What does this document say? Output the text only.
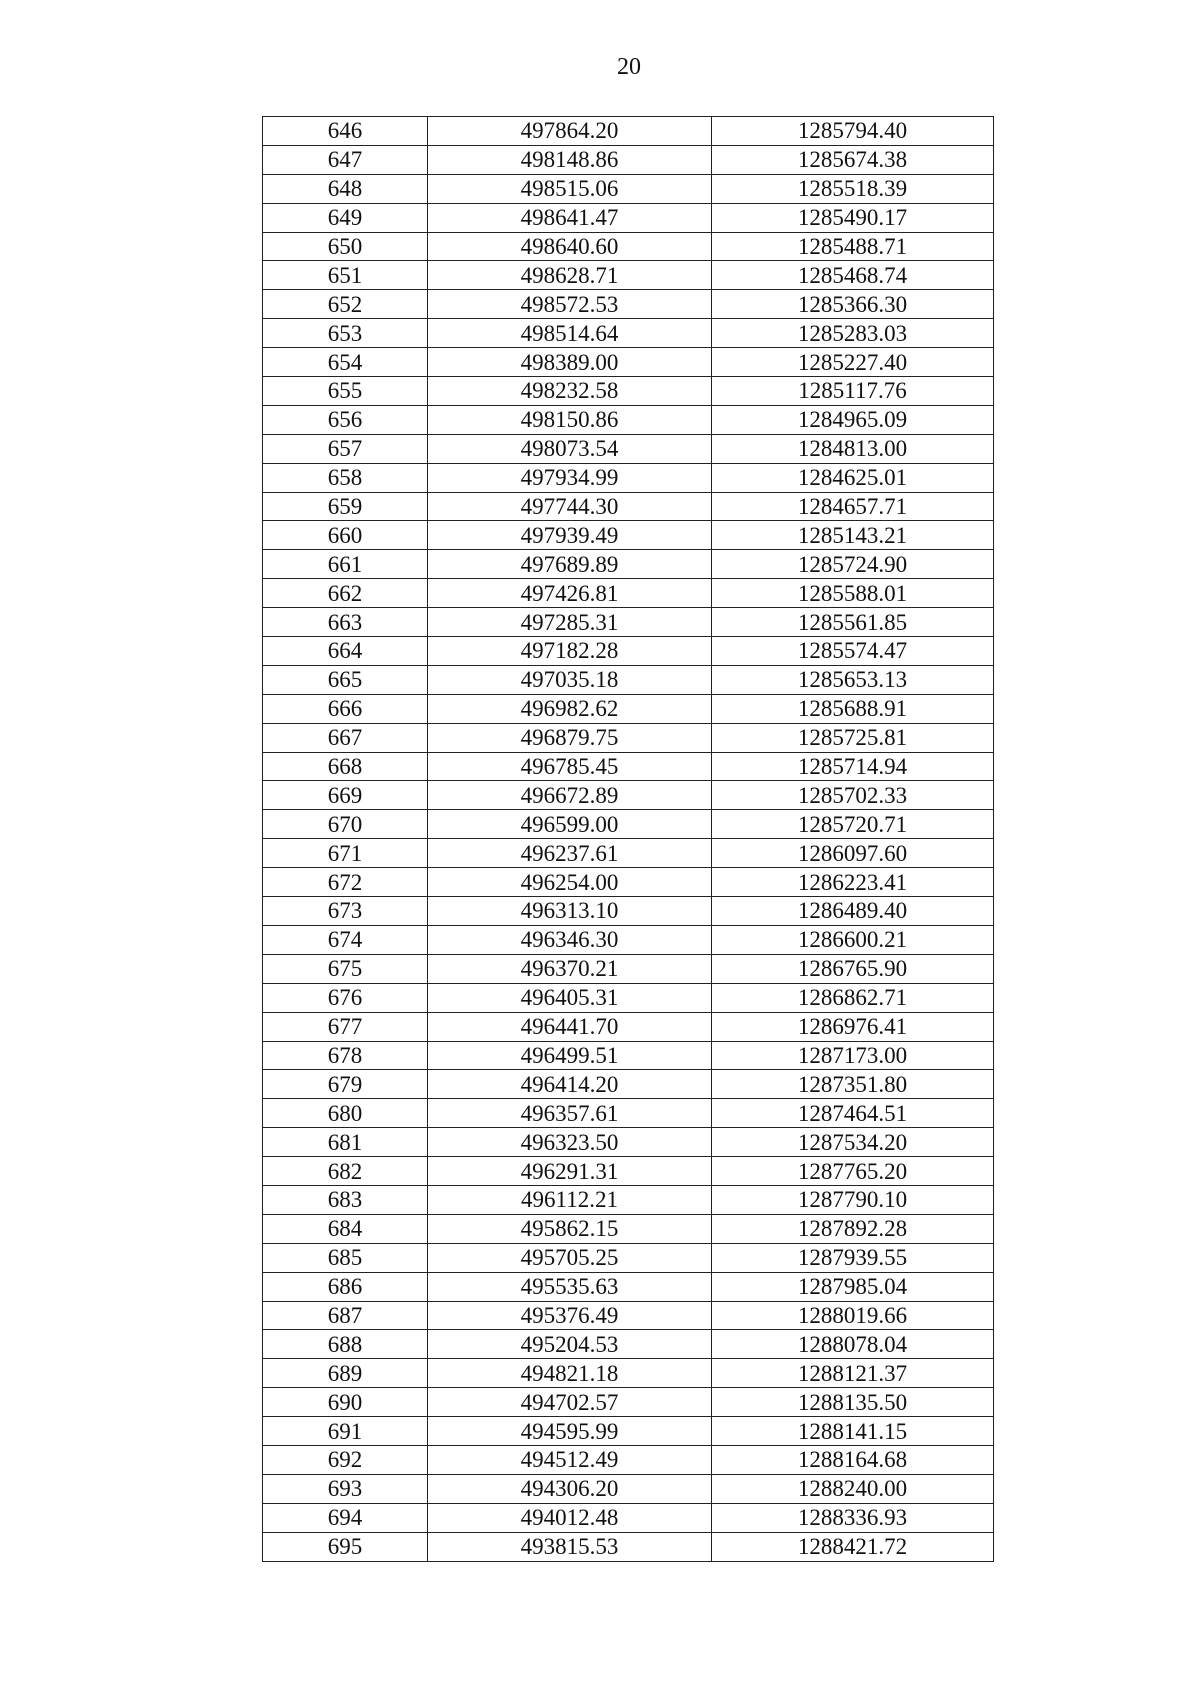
20
646	497864.20	1285794.40
647	498148.86	1285674.38
648	498515.06	1285518.39
649	498641.47	1285490.17
650	498640.60	1285488.71
651	498628.71	1285468.74
652	498572.53	1285366.30
653	498514.64	1285283.03
654	498389.00	1285227.40
655	498232.58	1285117.76
656	498150.86	1284965.09
657	498073.54	1284813.00
658	497934.99	1284625.01
659	497744.30	1284657.71
660	497939.49	1285143.21
661	497689.89	1285724.90
662	497426.81	1285588.01
663	497285.31	1285561.85
664	497182.28	1285574.47
665	497035.18	1285653.13
666	496982.62	1285688.91
667	496879.75	1285725.81
668	496785.45	1285714.94
669	496672.89	1285702.33
670	496599.00	1285720.71
671	496237.61	1286097.60
672	496254.00	1286223.41
673	496313.10	1286489.40
674	496346.30	1286600.21
675	496370.21	1286765.90
676	496405.31	1286862.71
677	496441.70	1286976.41
678	496499.51	1287173.00
679	496414.20	1287351.80
680	496357.61	1287464.51
681	496323.50	1287534.20
682	496291.31	1287765.20
683	496112.21	1287790.10
684	495862.15	1287892.28
685	495705.25	1287939.55
686	495535.63	1287985.04
687	495376.49	1288019.66
688	495204.53	1288078.04
689	494821.18	1288121.37
690	494702.57	1288135.50
691	494595.99	1288141.15
692	494512.49	1288164.68
693	494306.20	1288240.00
694	494012.48	1288336.93
695	493815.53	1288421.72
